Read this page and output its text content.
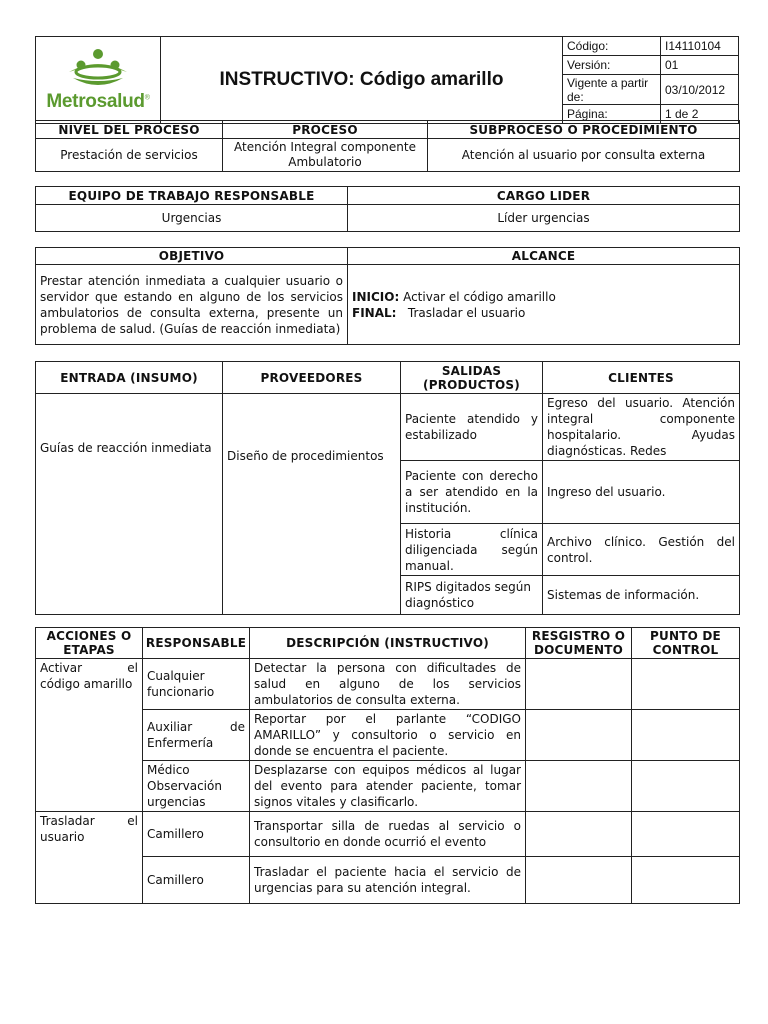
Metrosalud®	INSTRUCTIVO: Código amarillo	Código:	I14110104
		Versión:	01
		Vigente a partir de:	03/10/2012
		Página:	1 de 2
NIVEL DEL PROCESO	PROCESO	SUBPROCESO O PROCEDIMIENTO
Prestación de servicios	Atención Integral componente Ambulatorio	Atención al usuario por consulta externa
EQUIPO DE TRABAJO RESPONSABLE	CARGO LIDER
Urgencias	Líder urgencias
OBJETIVO	ALCANCE
Prestar atención inmediata a cualquier usuario o servidor que estando en alguno de los servicios ambulatorios de consulta externa, presente un problema de salud. (Guías de reacción inmediata)	INICIO: Activar el código amarillo
FINAL: Trasladar el usuario
ENTRADA (INSUMO)	PROVEEDORES	SALIDAS (PRODUCTOS)	CLIENTES
Guías de reacción inmediata	Diseño de procedimientos	Paciente atendido y estabilizado	Egreso del usuario. Atención integral componente hospitalario. Ayudas diagnósticas. Redes
		Paciente con derecho a ser atendido en la institución.	Ingreso del usuario.
		Historia clínica diligenciada según manual.	Archivo clínico. Gestión del control.
		RIPS digitados según diagnóstico	Sistemas de información.
ACCIONES O ETAPAS	RESPONSABLE	DESCRIPCIÓN (INSTRUCTIVO)	RESGISTRO O DOCUMENTO	PUNTO DE CONTROL
Activar el código amarillo	Cualquier funcionario	Detectar la persona con dificultades de salud en alguno de los servicios ambulatorios de consulta externa.		
	Auxiliar de Enfermería	Reportar por el parlante “CODIGO AMARILLO” y consultorio o servicio en donde se encuentra el paciente.		
	Médico Observación urgencias	Desplazarse con equipos médicos al lugar del evento para atender paciente, tomar signos vitales y clasificarlo.		
Trasladar el usuario	Camillero	Transportar silla de ruedas al servicio o consultorio en donde ocurrió el evento		
	Camillero	Trasladar el paciente hacia el servicio de urgencias para su atención integral.		
